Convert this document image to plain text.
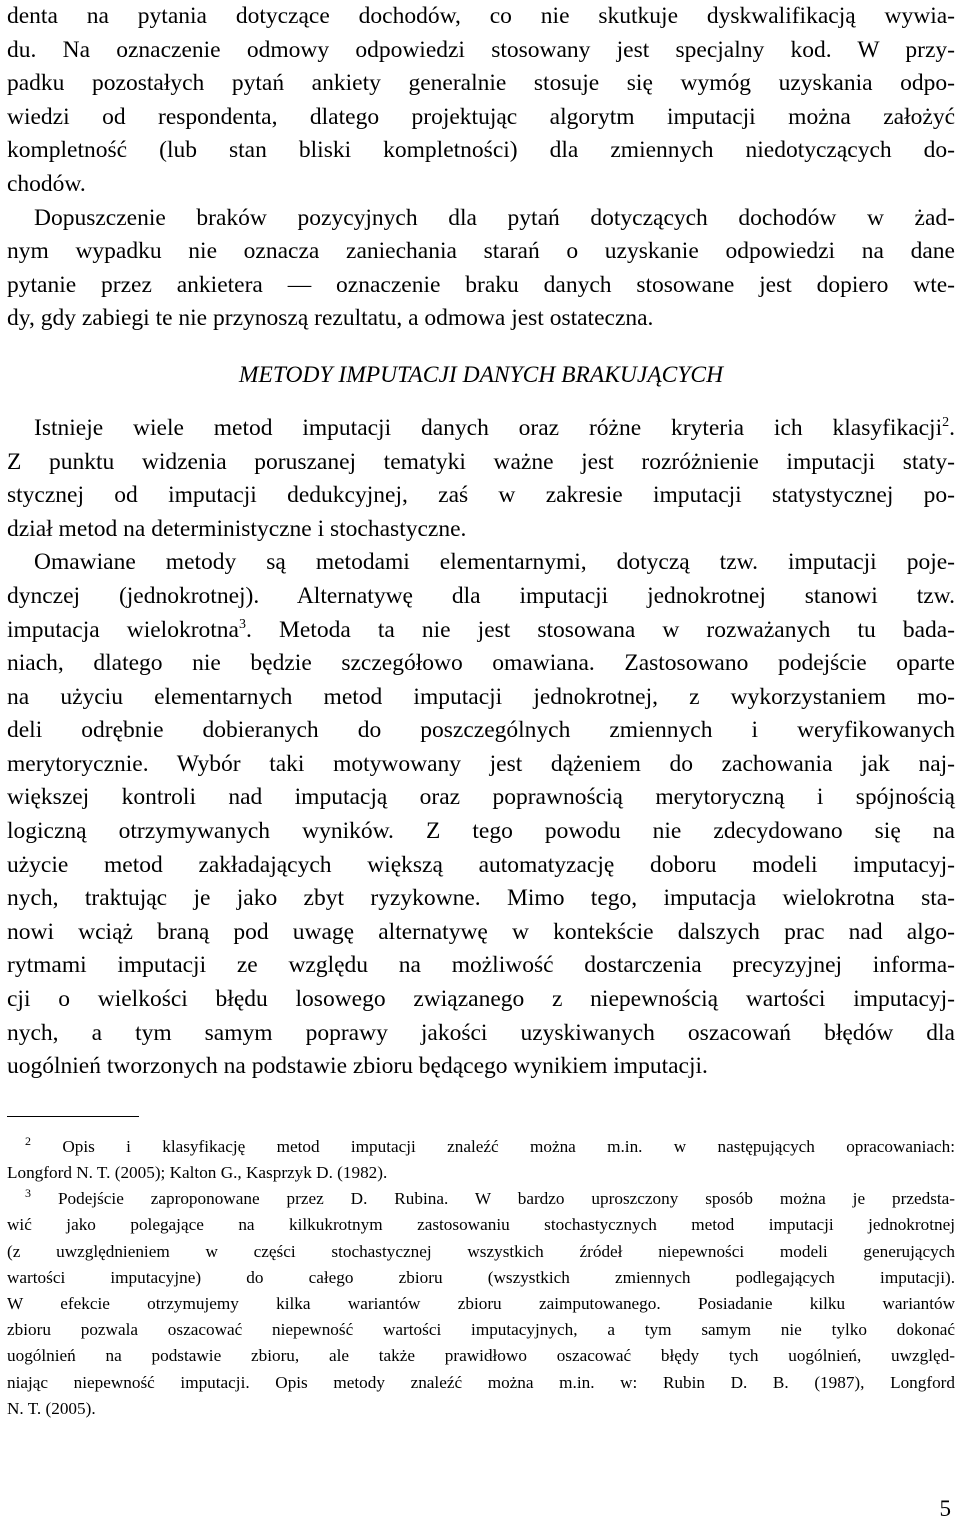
denta na pytania dotyczące dochodów, co nie skutkuje dyskwalifikacją wywia-
du. Na oznaczenie odmowy odpowiedzi stosowany jest specjalny kod. W przy-
padku pozostałych pytań ankiety generalnie stosuje się wymóg uzyskania odpo-
wiedzi od respondenta, dlatego projektując algorytm imputacji można założyć
kompletność (lub stan bliski kompletności) dla zmiennych niedotyczących do-
chodów.
Dopuszczenie braków pozycyjnych dla pytań dotyczących dochodów w żad-
nym wypadku nie oznacza zaniechania starań o uzyskanie odpowiedzi na dane
pytanie przez ankietera — oznaczenie braku danych stosowane jest dopiero wte-
dy, gdy zabiegi te nie przynoszą rezultatu, a odmowa jest ostateczna.
METODY IMPUTACJI DANYCH BRAKUJĄCYCH
Istnieje wiele metod imputacji danych oraz różne kryteria ich klasyfikacji$^2$.
Z punktu widzenia poruszanej tematyki ważne jest rozróżnienie imputacji staty-
stycznej od imputacji dedukcyjnej, zaś w zakresie imputacji statystycznej po-
dział metod na deterministyczne i stochastyczne.
Omawiane metody są metodami elementarnymi, dotyczą tzw. imputacji poje-
dynczej (jednokrotnej). Alternatywę dla imputacji jednokrotnej stanowi tzw.
imputacja wielokrotna$^3$. Metoda ta nie jest stosowana w rozważanych tu bada-
niach, dlatego nie będzie szczegółowo omawiana. Zastosowano podejście oparte
na użyciu elementarnych metod imputacji jednokrotnej, z wykorzystaniem mo-
deli odrębnie dobieranych do poszczególnych zmiennych i weryfikowanych
merytorycznie. Wybór taki motywowany jest dążeniem do zachowania jak naj-
większej kontroli nad imputacją oraz poprawnością merytoryczną i spójnością
logiczną otrzymywanych wyników. Z tego powodu nie zdecydowano się na
użycie metod zakładających większą automatyzację doboru modeli imputacyj-
nych, traktując je jako zbyt ryzykowne. Mimo tego, imputacja wielokrotna sta-
nowi wciąż braną pod uwagę alternatywę w kontekście dalszych prac nad algo-
rytmami imputacji ze względu na możliwość dostarczenia precyzyjnej informa-
cji o wielkości błędu losowego związanego z niepewnością wartości imputacyj-
nych, a tym samym poprawy jakości uzyskiwanych oszacowań błędów dla
uogólnień tworzonych na podstawie zbioru będącego wynikiem imputacji.
$^2$ Opis i klasyfikację metod imputacji znaleźć można m.in. w następujących opracowaniach:
Longford N. T. (2005); Kalton G., Kasprzyk D. (1982).
$^3$ Podejście zaproponowane przez D. Rubina. W bardzo uproszczony sposób można je przedsta-
wić jako polegające na kilkukrotnym zastosowaniu stochastycznych metod imputacji jednokrotnej
(z uwzględnieniem w części stochastycznej wszystkich źródeł niepewności modeli generujących
wartości imputacyjne) do całego zbioru (wszystkich zmiennych podlegających imputacji).
W efekcie otrzymujemy kilka wariantów zbioru zaimputowanego. Posiadanie kilku wariantów
zbioru pozwala oszacować niepewność wartości imputacyjnych, a tym samym nie tylko dokonać
uogólnień na podstawie zbioru, ale także prawidłowo oszacować błędy tych uogólnień, uwzględ-
niając niepewność imputacji. Opis metody znaleźć można m.in. w: Rubin D. B. (1987), Longford
N. T. (2005).
5
